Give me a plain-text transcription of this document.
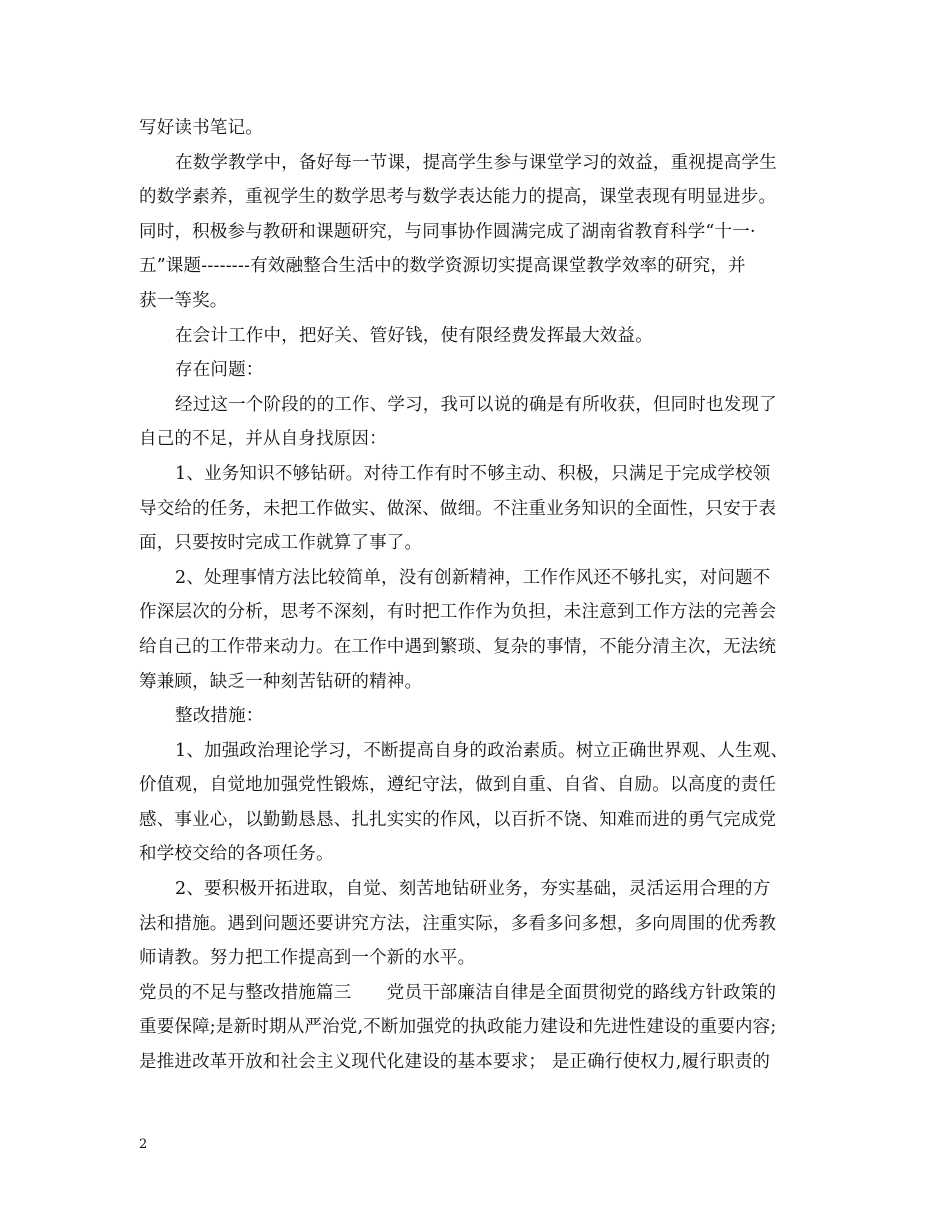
写好读书笔记。
在数学教学中，备好每一节课，提高学生参与课堂学习的效益，重视提高学生
的数学素养，重视学生的数学思考与数学表达能力的提高，课堂表现有明显进步。
同时，积极参与教研和课题研究，与同事协作圆满完成了湖南省教育科学“十一·
五”课题--------有效融整合生活中的数学资源切实提高课堂教学效率的研究，并
获一等奖。
在会计工作中，把好关、管好钱，使有限经费发挥最大效益。
存在问题：
经过这一个阶段的的工作、学习，我可以说的确是有所收获，但同时也发现了
自己的不足，并从自身找原因：
1、业务知识不够钻研。对待工作有时不够主动、积极，只满足于完成学校领
导交给的任务，未把工作做实、做深、做细。不注重业务知识的全面性，只安于表
面，只要按时完成工作就算了事了。
2、处理事情方法比较简单，没有创新精神，工作作风还不够扎实，对问题不
作深层次的分析，思考不深刻，有时把工作作为负担，未注意到工作方法的完善会
给自己的工作带来动力。在工作中遇到繁琐、复杂的事情，不能分清主次，无法统
筹兼顾，缺乏一种刻苦钻研的精神。
整改措施：
1、加强政治理论学习，不断提高自身的政治素质。树立正确世界观、人生观、
价值观，自觉地加强党性锻炼，遵纪守法，做到自重、自省、自励。以高度的责任
感、事业心，以勤勤恳恳、扎扎实实的作风，以百折不饶、知难而进的勇气完成党
和学校交给的各项任务。
2、要积极开拓进取，自觉、刻苦地钻研业务，夯实基础，灵活运用合理的方
法和措施。遇到问题还要讲究方法，注重实际，多看多问多想，多向周围的优秀教
师请教。努力把工作提高到一个新的水平。
党员的不足与整改措施篇三　　党员干部廉洁自律是全面贯彻党的路线方针政策的
重要保障;是新时期从严治党,不断加强党的执政能力建设和先进性建设的重要内容;
是推进改革开放和社会主义现代化建设的基本要求； 是正确行使权力,履行职责的
2
